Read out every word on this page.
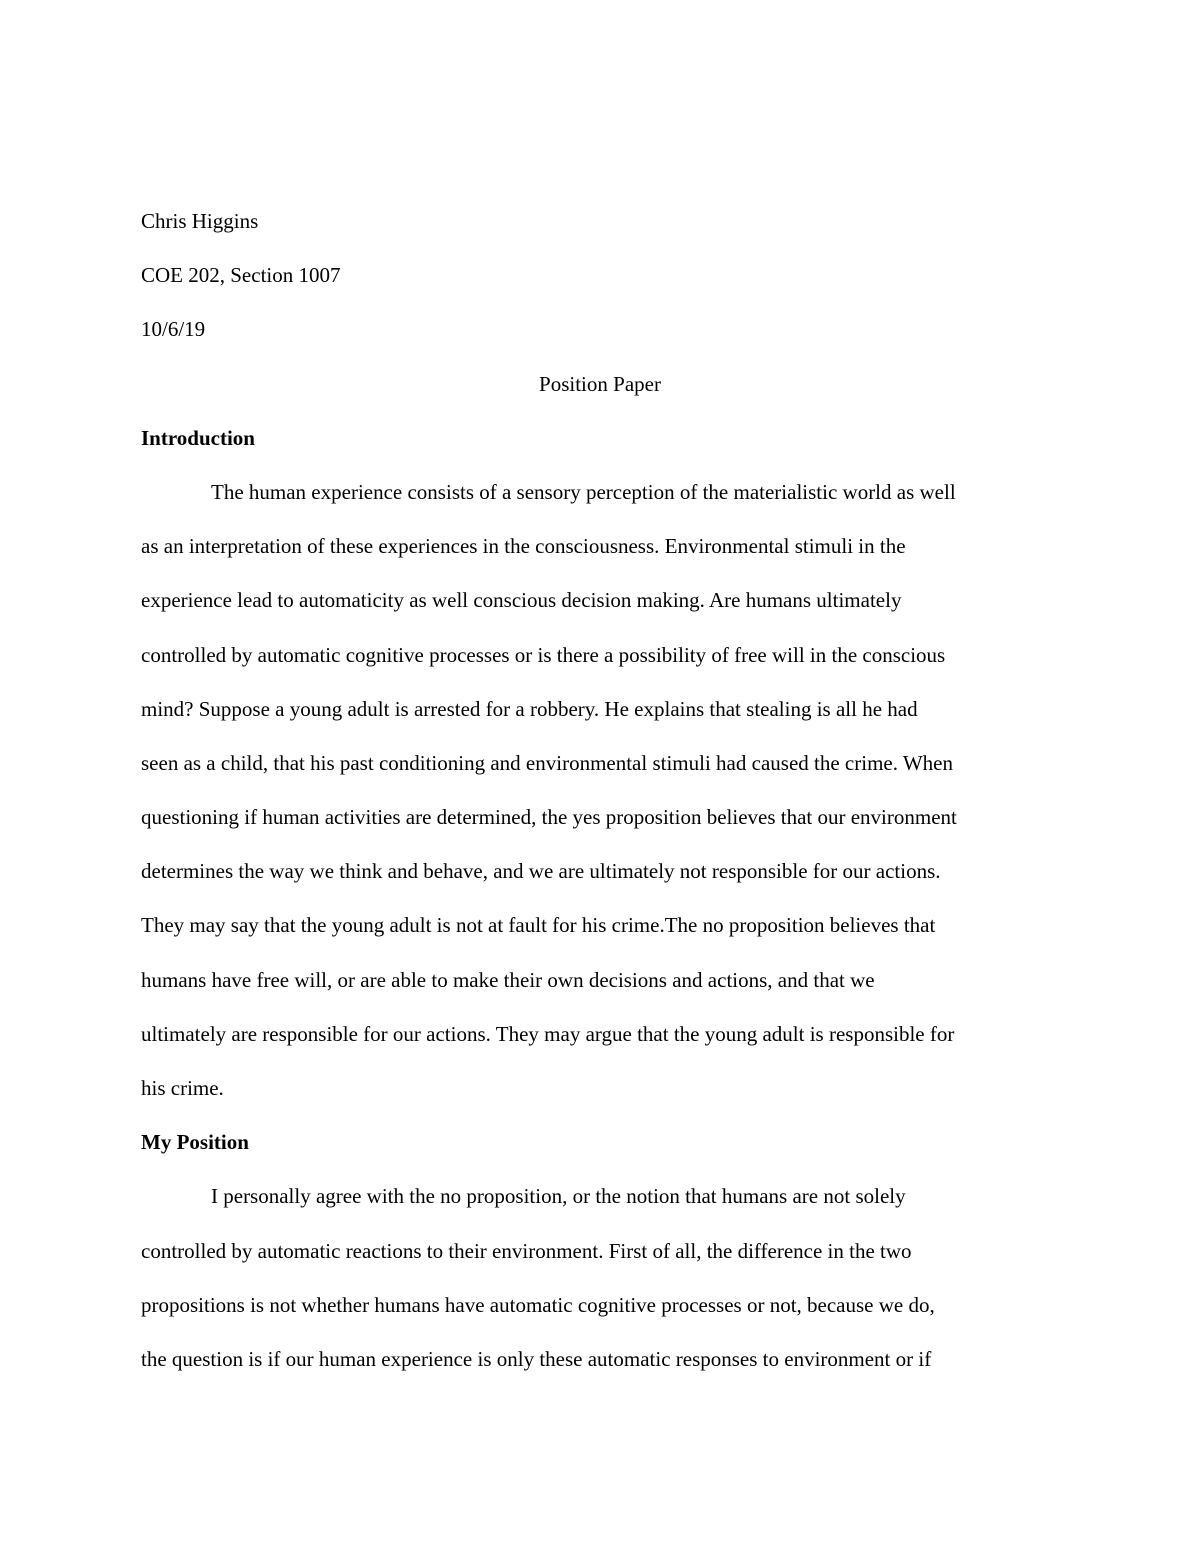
Chris Higgins
COE 202, Section 1007
10/6/19
Position Paper
Introduction
The human experience consists of a sensory perception of the materialistic world as well
as an interpretation of these experiences in the consciousness. Environmental stimuli in the
experience lead to automaticity as well conscious decision making. Are humans ultimately
controlled by automatic cognitive processes or is there a possibility of free will in the conscious
mind? Suppose a young adult is arrested for a robbery. He explains that stealing is all he had
seen as a child, that his past conditioning and environmental stimuli had caused the crime. When
questioning if human activities are determined, the yes proposition believes that our environment
determines the way we think and behave, and we are ultimately not responsible for our actions.
They may say that the young adult is not at fault for his crime.The no proposition believes that
humans have free will, or are able to make their own decisions and actions, and that we
ultimately are responsible for our actions. They may argue that the young adult is responsible for
his crime.
My Position
I personally agree with the no proposition, or the notion that humans are not solely
controlled by automatic reactions to their environment. First of all, the difference in the two
propositions is not whether humans have automatic cognitive processes or not, because we do,
the question is if our human experience is only these automatic responses to environment or if
